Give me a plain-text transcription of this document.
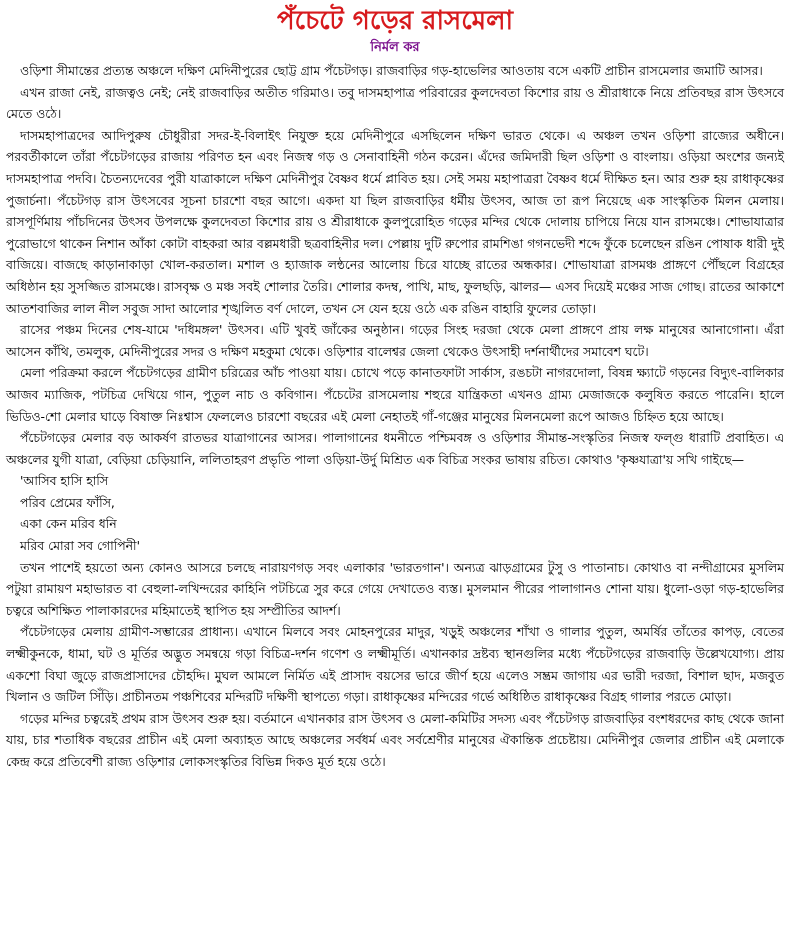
পঁচেটে গড়ের রাসমেলা
নির্মল কর

ওড়িশা সীমান্তের প্রত্যন্ত অঞ্চলে দক্ষিণ মেদিনীপুরের ছোট্ট গ্রাম পঁচেটগড়। রাজবাড়ির গড়-হাভেলির আওতায় বসে একটি প্রাচীন রাসমেলার জমাটি আসর।

এখন রাজা নেই, রাজত্বও নেই; নেই রাজবাড়ির অতীত গরিমাও। তবু দাসমহাপাত্র পরিবারের কুলদেবতা কিশোর রায় ও শ্রীরাধাকে নিয়ে প্রতিবছর রাস উৎসবে মেতে ওঠে।

দাসমহাপাত্রদের আদিপুরুষ চৌধুরীরা সদর-ই-বিলাইৎ নিযুক্ত হয়ে মেদিনীপুরে এসছিলেন দক্ষিণ ভারত থেকে। এ অঞ্চল তখন ওড়িশা রাজ্যের অধীনে। পরবর্তীকালে তাঁরা পঁচেটগড়ের রাজায় পরিণত হন এবং নিজস্ব গড় ও সেনাবাহিনী গঠন করেন। এঁদের জমিদারী ছিল ওড়িশা ও বাংলায়। ওড়িয়া অংশের জন্যই দাসমহাপাত্র পদবি। চৈতন্যদেবের পুরী যাত্রাকালে দক্ষিণ মেদিনীপুর বৈষ্ণব ধর্মে প্লাবিত হয়। সেই সময় মহাপাত্ররা বৈষ্ণব ধর্মে দীক্ষিত হন। আর শুরু হয় রাধাকৃষ্ণের পুজার্চনা। পঁচেটগড় রাস উৎসবের সূচনা চারশো বছর আগে। একদা যা ছিল রাজবাড়ির ধর্মীয় উৎসব, আজ তা রূপ নিয়েছে এক সাংস্কৃতিক মিলন মেলায়। রাসপূর্ণিমায় পাঁচদিনের উৎসব উপলক্ষে কুলদেবতা কিশোর রায় ও শ্রীরাধাকে কুলপুরোহিত গড়ের মন্দির থেকে দোলায় চাপিয়ে নিয়ে যান রাসমঞ্চে। শোভাযাত্রার পুরোভাগে থাকেন নিশান আঁকা কোটা বাহকরা আর বল্লমধারী ছত্রবাহিনীর দল। পেল্লায় দুটি রুপোর রামশিঙা গগনভেদী শব্দে ফুঁকে চলেছেন রঙিন পোষাক ধারী দুই বাজিয়ে। বাজছে কাড়ানাকাড়া খোল-করতাল। মশাল ও হ্যাজাক লন্ঠনের আলোয় চিরে যাচ্ছে রাতের অন্ধকার। শোভাযাত্রা রাসমঞ্চ প্রাঙ্গণে পৌঁছলে বিগ্রহের অধিষ্ঠান হয় সুসজ্জিত রাসমঞ্চে। রাসবৃক্ষ ও মঞ্চ সবই শোলার তৈরি। শোলার কদম্ব, পাখি, মাছ, ফুলছড়ি, ঝালর— এসব দিয়েই মঞ্চের সাজ গোছ। রাতের আকাশে আতশবাজির লাল নীল সবুজ সাদা আলোর শৃঙ্খলিত বর্ণ দোলে, তখন সে যেন হয়ে ওঠে এক রঙিন বাহারি ফুলের তোড়া।

রাসের পঞ্চম দিনের শেষ-যামে 'দধিমঙ্গল' উৎসব। এটি খুবই জাঁকের অনুষ্ঠান। গড়ের সিংহ দরজা থেকে মেলা প্রাঙ্গণে প্রায় লক্ষ মানুষের আনাগোনা। এঁরা আসেন কাঁথি, তমলুক, মেদিনীপুরের সদর ও দক্ষিণ মহকুমা থেকে। ওড়িশার বালেশ্বর জেলা থেকেও উৎসাহী দর্শনার্থীদের সমাবেশ ঘটে।

মেলা পরিক্রমা করলে পঁচেটগড়ের গ্রামীণ চরিত্রের আঁচ পাওয়া যায়। চোখে পড়ে কানাতফাটা সার্কাস, রঙচটা নাগরদোলা, বিষন্ন ক্ষ্যাটে গড়নের বিদ্যুৎ-বালিকার আজব ম্যাজিক, পটচিত্র দেখিয়ে গান, পুতুল নাচ ও কবিগান। পঁচেটের রাসমেলায় শহুরে যান্ত্রিকতা এখনও গ্রাম্য মেজাজকে কলুষিত করতে পারেনি। হালে ভিডিও-শো মেলার ঘাড়ে বিষাক্ত নিঃশ্বাস ফেললেও চারশো বছরের এই মেলা নেহাতই গাঁ-গঞ্জের মানুষের মিলনমেলা রূপে আজও চিহ্নিত হয়ে আছে।

পঁচেটগড়ের মেলার বড় আকর্ষণ রাতভর যাত্রাগানের আসর। পালাগানের ধমনীতে পশ্চিমবঙ্গ ও ওড়িশার সীমান্ত-সংস্কৃতির নিজস্ব ফল্গু ধারাটি প্রবাহিত। এ অঞ্চলের যুগী যাত্রা, বেড়িয়া চেড়িয়ানি, ললিতাহরণ প্রভৃতি পালা ওড়িয়া-উর্দু মিশ্রিত এক বিচিত্র সংকর ভাষায় রচিত। কোথাও 'কৃষ্ণযাত্রা'য় সখি গাইছে—

'আসিব হাসি হাসি
পরিব প্রেমের ফাঁসি,
একা কেন মরিব ধনি
মরিব মোরা সব গোপিনী'

তখন পাশেই হয়তো অন্য কোনও আসরে চলছে নারায়ণগড় সবং এলাকার 'ভারতগান'। অন্যত্র ঝাড়গ্রামের টুসু ও পাতানাচ। কোথাও বা নন্দীগ্রামের মুসলিম পটুয়া রামায়ণ মহাভারত বা বেহুলা-লখিন্দরের কাহিনি পটচিত্রে সুর করে গেয়ে দেখাতেও ব্যস্ত। মুসলমান পীরের পালাগানও শোনা যায়। ধুলো-ওড়া গড়-হাভেলির চত্বরে অশিক্ষিত পালাকারদের মহিমাতেই স্থাপিত হয় সম্প্রীতির আদর্শ।

পঁচেটগড়ের মেলায় গ্রামীণ-সম্ভারের প্রাধান্য। এখানে মিলবে সবং মোহনপুরের মাদুর, খড়ুই অঞ্চলের শাঁখা ও গালার পুতুল, অমর্ষির তাঁতের কাপড়, বেতের লক্ষ্মীকুনকে, ধামা, ঘট ও মূর্তির অদ্ভুত সমন্বয়ে গড়া বিচিত্র-দর্শন গণেশ ও লক্ষ্মীমূর্তি। এখানকার দ্রষ্টব্য স্থানগুলির মধ্যে পঁচেটগড়ের রাজবাড়ি উল্লেখযোগ্য। প্রায় একশো বিঘা জুড়ে রাজপ্রাসাদের চৌহদ্দি। মুঘল আমলে নির্মিত এই প্রাসাদ বয়সের ভারে জীর্ণ হয়ে এলেও সম্ভ্রম জাগায় এর ভারী দরজা, বিশাল ছাদ, মজবুত খিলান ও জটিল সিঁড়ি। প্রাচীনতম পঞ্চশিবের মন্দিরটি দক্ষিণী স্থাপত্যে গড়া। রাধাকৃষ্ণের মন্দিরের গর্ভে অধিষ্ঠিত রাধাকৃষ্ণের বিগ্রহ গালার পরতে মোড়া।

গড়ের মন্দির চত্বরেই প্রথম রাস উৎসব শুরু হয়। বর্তমানে এখানকার রাস উৎসব ও মেলা-কমিটির সদস্য এবং পঁচেটগড় রাজবাড়ির বংশধরদের কাছ থেকে জানা যায়, চার শতাধিক বছরের প্রাচীন এই মেলা অব্যাহত আছে অঞ্চলের সর্বধর্ম এবং সর্বশ্রেণীর মানুষের ঐকান্তিক প্রচেষ্টায়। মেদিনীপুর জেলার প্রাচীন এই মেলাকে কেন্দ্র করে প্রতিবেশী রাজ্য ওড়িশার লোকসংস্কৃতির বিভিন্ন দিকও মূর্ত হয়ে ওঠে।
